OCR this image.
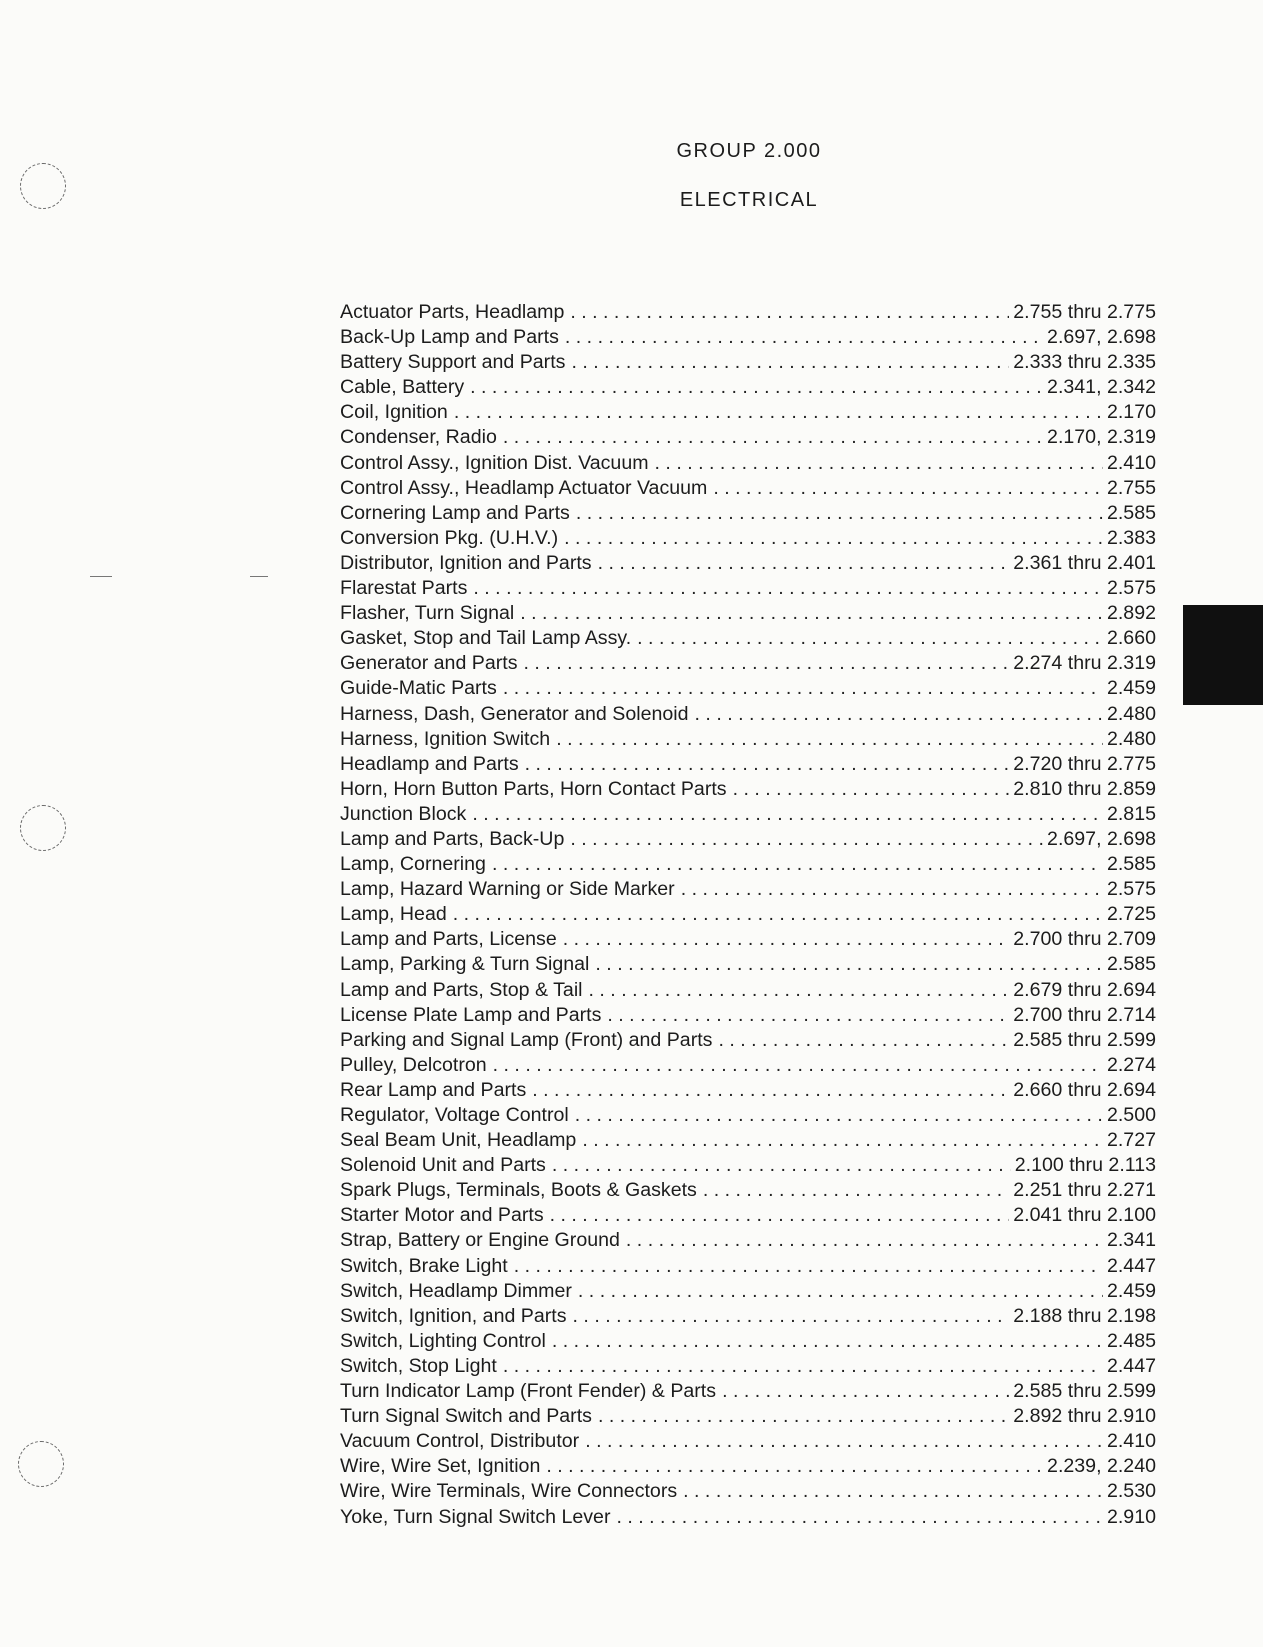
GROUP 2.000
ELECTRICAL
Actuator Parts, Headlamp . . .	2.755 thru 2.775
Back-Up Lamp and Parts . . .	2.697, 2.698
Battery Support and Parts . . .	2.333 thru 2.335
Cable, Battery . . .	2.341, 2.342
Coil, Ignition . . .	2.170
Condenser, Radio . . .	2.170, 2.319
Control Assy., Ignition Dist. Vacuum . . .	2.410
Control Assy., Headlamp Actuator Vacuum . . .	2.755
Cornering Lamp and Parts . . .	2.585
Conversion Pkg. (U.H.V.) . . .	2.383
Distributor, Ignition and Parts . . .	2.361 thru 2.401
Flarestat Parts . . .	2.575
Flasher, Turn Signal . . .	2.892
Gasket, Stop and Tail Lamp Assy. . . .	2.660
Generator and Parts . . .	2.274 thru 2.319
Guide-Matic Parts . . .	2.459
Harness, Dash, Generator and Solenoid . . .	2.480
Harness, Ignition Switch . . .	2.480
Headlamp and Parts . . .	2.720 thru 2.775
Horn, Horn Button Parts, Horn Contact Parts . . .	2.810 thru 2.859
Junction Block . . .	2.815
Lamp and Parts, Back-Up . . .	2.697, 2.698
Lamp, Cornering . . .	2.585
Lamp, Hazard Warning or Side Marker . . .	2.575
Lamp, Head . . .	2.725
Lamp and Parts, License . . .	2.700 thru 2.709
Lamp, Parking & Turn Signal . . .	2.585
Lamp and Parts, Stop & Tail . . .	2.679 thru 2.694
License Plate Lamp and Parts . . .	2.700 thru 2.714
Parking and Signal Lamp (Front) and Parts . . .	2.585 thru 2.599
Pulley, Delcotron . . .	2.274
Rear Lamp and Parts . . .	2.660 thru 2.694
Regulator, Voltage Control . . .	2.500
Seal Beam Unit, Headlamp . . .	2.727
Solenoid Unit and Parts . . .	2.100 thru 2.113
Spark Plugs, Terminals, Boots & Gaskets . . .	2.251 thru 2.271
Starter Motor and Parts . . .	2.041 thru 2.100
Strap, Battery or Engine Ground . . .	2.341
Switch, Brake Light . . .	2.447
Switch, Headlamp Dimmer . . .	2.459
Switch, Ignition, and Parts . . .	2.188 thru 2.198
Switch, Lighting Control . . .	2.485
Switch, Stop Light . . .	2.447
Turn Indicator Lamp (Front Fender) & Parts . . .	2.585 thru 2.599
Turn Signal Switch and Parts . . .	2.892 thru 2.910
Vacuum Control, Distributor . . .	2.410
Wire, Wire Set, Ignition . . .	2.239, 2.240
Wire, Wire Terminals, Wire Connectors . . .	2.530
Yoke, Turn Signal Switch Lever . . .	2.910
